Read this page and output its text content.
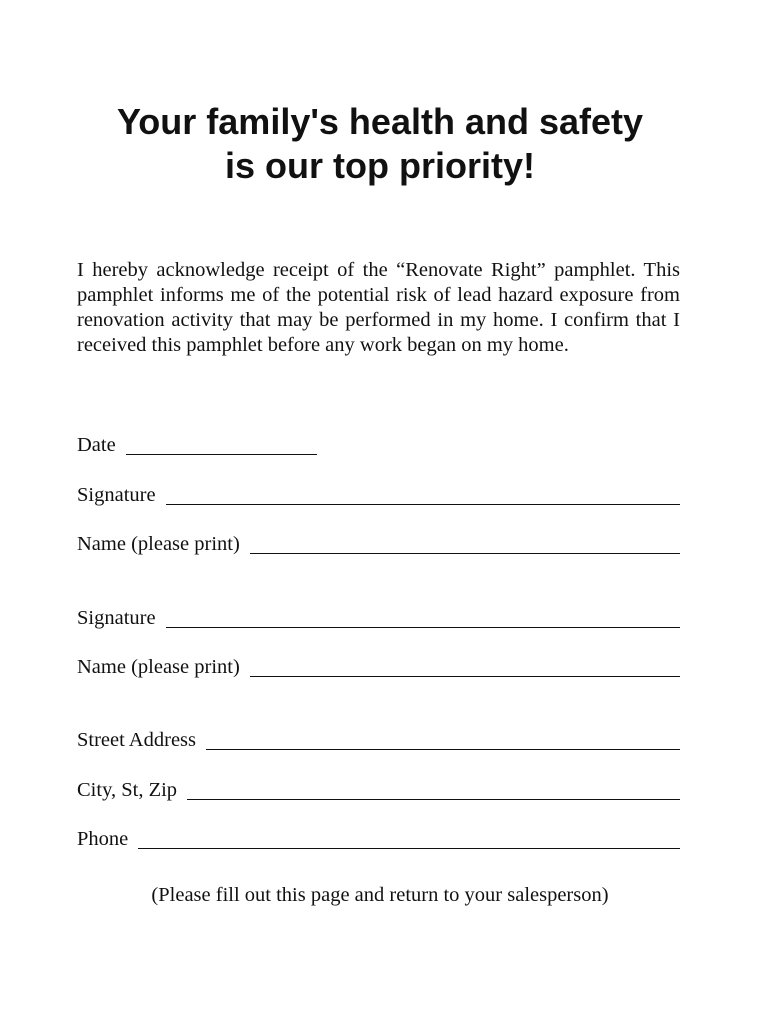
Your family's health and safety
is our top priority!

I hereby acknowledge receipt of the “Renovate Right” pamphlet. This pamphlet informs me of the potential risk of lead hazard exposure from renovation activity that may be performed in my home. I confirm that I received this pamphlet before any work began on my home.

Date
Signature
Name (please print)
Signature
Name (please print)
Street Address
City, St, Zip
Phone

(Please fill out this page and return to your salesperson)
